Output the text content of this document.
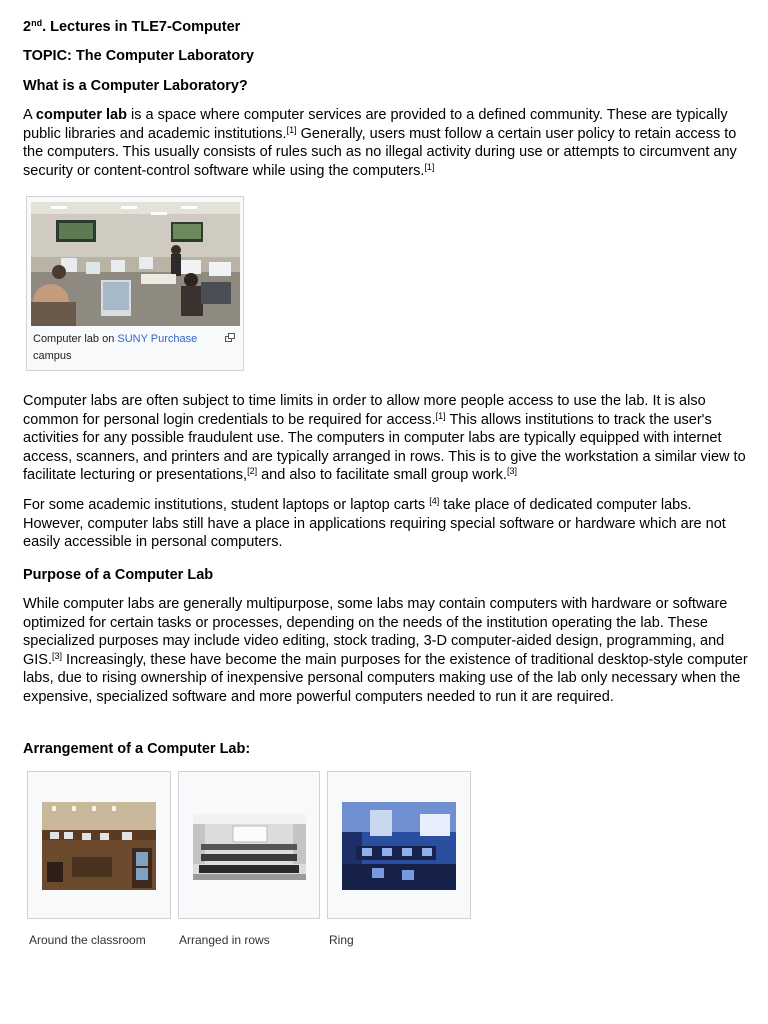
2nd. Lectures in TLE7-Computer
TOPIC: The Computer Laboratory
What is a Computer Laboratory?
A computer lab is a space where computer services are provided to a defined community. These are typically public libraries and academic institutions.[1] Generally, users must follow a certain user policy to retain access to the computers. This usually consists of rules such as no illegal activity during use or attempts to circumvent any security or content-control software while using the computers.[1]
Computer lab on SUNY Purchase
campus
Computer labs are often subject to time limits in order to allow more people access to use the lab. It is also common for personal login credentials to be required for access.[1] This allows institutions to track the user's activities for any possible fraudulent use. The computers in computer labs are typically equipped with internet access, scanners, and printers and are typically arranged in rows. This is to give the workstation a similar view to facilitate lecturing or presentations,[2] and also to facilitate small group work.[3]
For some academic institutions, student laptops or laptop carts [4] take place of dedicated computer labs. However, computer labs still have a place in applications requiring special software or hardware which are not easily accessible in personal computers.
Purpose of a Computer Lab
While computer labs are generally multipurpose, some labs may contain computers with hardware or software optimized for certain tasks or processes, depending on the needs of the institution operating the lab. These specialized purposes may include video editing, stock trading, 3-D computer-aided design, programming, and GIS.[3] Increasingly, these have become the main purposes for the existence of traditional desktop-style computer labs, due to rising ownership of inexpensive personal computers making use of the lab only necessary when the expensive, specialized software and more powerful computers needed to run it are required.
Arrangement of a Computer Lab:
Around the classroom	Arranged in rows	Ring
